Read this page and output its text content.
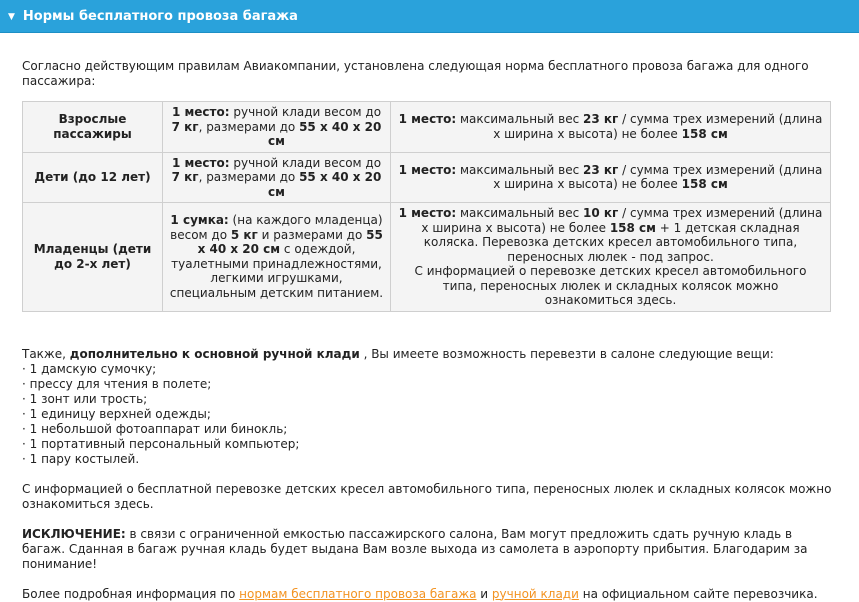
▼ Нормы бесплатного провоза багажа

Согласно действующим правилам Авиакомпании, установлена следующая норма бесплатного провоза багажа для одного пассажира:

Взрослые пассажиры	1 место: ручной клади весом до 7 кг, размерами до 55 х 40 х 20 см	1 место: максимальный вес 23 кг / сумма трех измерений (длина х ширина х высота) не более 158 см
Дети (до 12 лет)	1 место: ручной клади весом до 7 кг, размерами до 55 х 40 х 20 см	1 место: максимальный вес 23 кг / сумма трех измерений (длина х ширина х высота) не более 158 см
Младенцы (дети до 2-х лет)	1 сумка: (на каждого младенца) весом до 5 кг и размерами до 55 х 40 х 20 см с одеждой, туалетными принадлежностями, легкими игрушками, специальным детским питанием.	1 место: максимальный вес 10 кг / сумма трех измерений (длина х ширина х высота) не более 158 см + 1 детская складная коляска. Перевозка детских кресел автомобильного типа, переносных люлек - под запрос.
С информацией о перевозке детских кресел автомобильного типа, переносных люлек и складных колясок можно ознакомиться здесь.

Также, дополнительно к основной ручной клади , Вы имеете возможность перевезти в салоне следующие вещи:

· 1 дамскую сумочку;
· прессу для чтения в полете;
· 1 зонт или трость;
· 1 единицу верхней одежды;
· 1 небольшой фотоаппарат или бинокль;
· 1 портативный персональный компьютер;
· 1 пару костылей.

С информацией о бесплатной перевозке детских кресел автомобильного типа, переносных люлек и складных колясок можно ознакомиться здесь.

ИСКЛЮЧЕНИЕ: в связи с ограниченной емкостью пассажирского салона, Вам могут предложить сдать ручную кладь в багаж. Сданная в багаж ручная кладь будет выдана Вам возле выхода из самолета в аэропорту прибытия. Благодарим за понимание!

Более подробная информация по нормам бесплатного провоза багажа и ручной клади на официальном сайте перевозчика.
